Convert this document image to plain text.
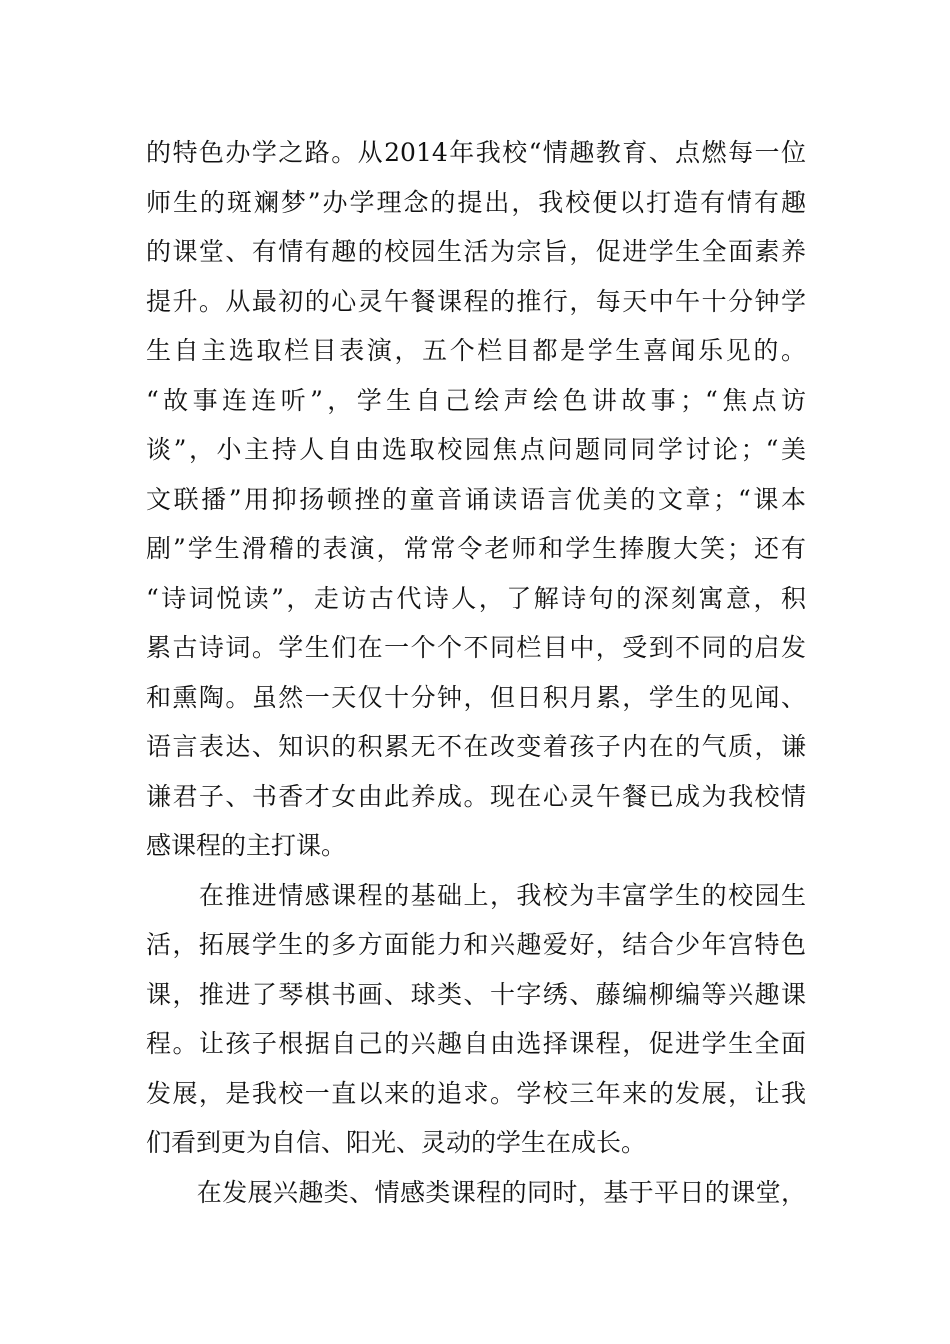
的特色办学之路。从2014年我校“情趣教育、点燃每一位
师生的斑斓梦”办学理念的提出，我校便以打造有情有趣
的课堂、有情有趣的校园生活为宗旨，促进学生全面素养
提升。从最初的心灵午餐课程的推行，每天中午十分钟学
生自主选取栏目表演，五个栏目都是学生喜闻乐见的。
“故事连连听”，学生自己绘声绘色讲故事；“焦点访
谈”，小主持人自由选取校园焦点问题同同学讨论；“美
文联播”用抑扬顿挫的童音诵读语言优美的文章；“课本
剧”学生滑稽的表演，常常令老师和学生捧腹大笑；还有
“诗词悦读”，走访古代诗人，了解诗句的深刻寓意，积
累古诗词。学生们在一个个不同栏目中，受到不同的启发
和熏陶。虽然一天仅十分钟，但日积月累，学生的见闻、
语言表达、知识的积累无不在改变着孩子内在的气质，谦
谦君子、书香才女由此养成。现在心灵午餐已成为我校情
感课程的主打课。
　　在推进情感课程的基础上，我校为丰富学生的校园生
活，拓展学生的多方面能力和兴趣爱好，结合少年宫特色
课，推进了琴棋书画、球类、十字绣、藤编柳编等兴趣课
程。让孩子根据自己的兴趣自由选择课程，促进学生全面
发展，是我校一直以来的追求。学校三年来的发展，让我
们看到更为自信、阳光、灵动的学生在成长。
　　在发展兴趣类、情感类课程的同时，基于平日的课堂，
